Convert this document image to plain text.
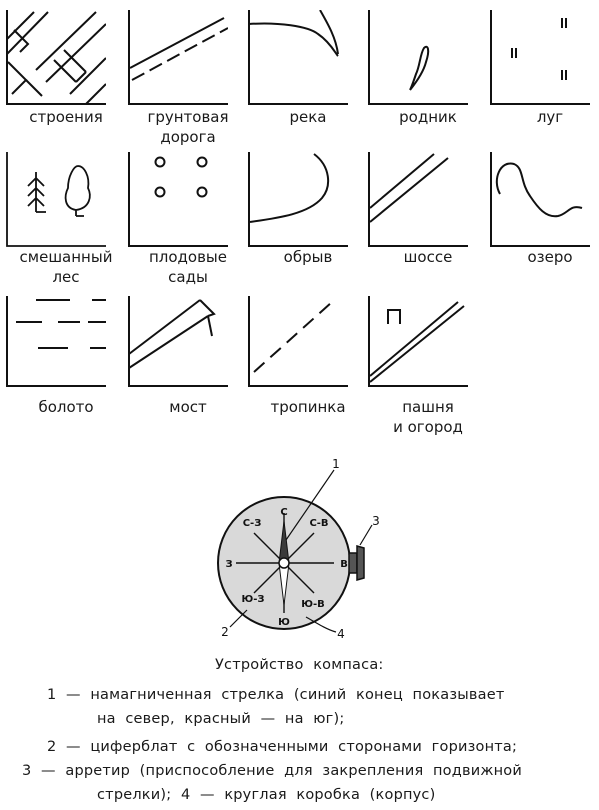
строения	грунтовая
дорога
река	родник	луг
смешанный
лес
плодовые
сады
обрыв	шоссе	озеро
болото	мост	тропинка	пашня
и огород
С
С-З	С-В
З	В
Ю-З	Ю-В
Ю
1
2
3
4
Устройство  компаса:
1  —  намагниченная  стрелка  (синий  конец  показывает
на  север,  красный  —  на  юг);
2  —  циферблат  с  обозначенными  сторонами  горизонта;
3  —  арретир  (приспособление  для  закрепления  подвижной
стрелки);  4  —  круглая  коробка  (корпус)
